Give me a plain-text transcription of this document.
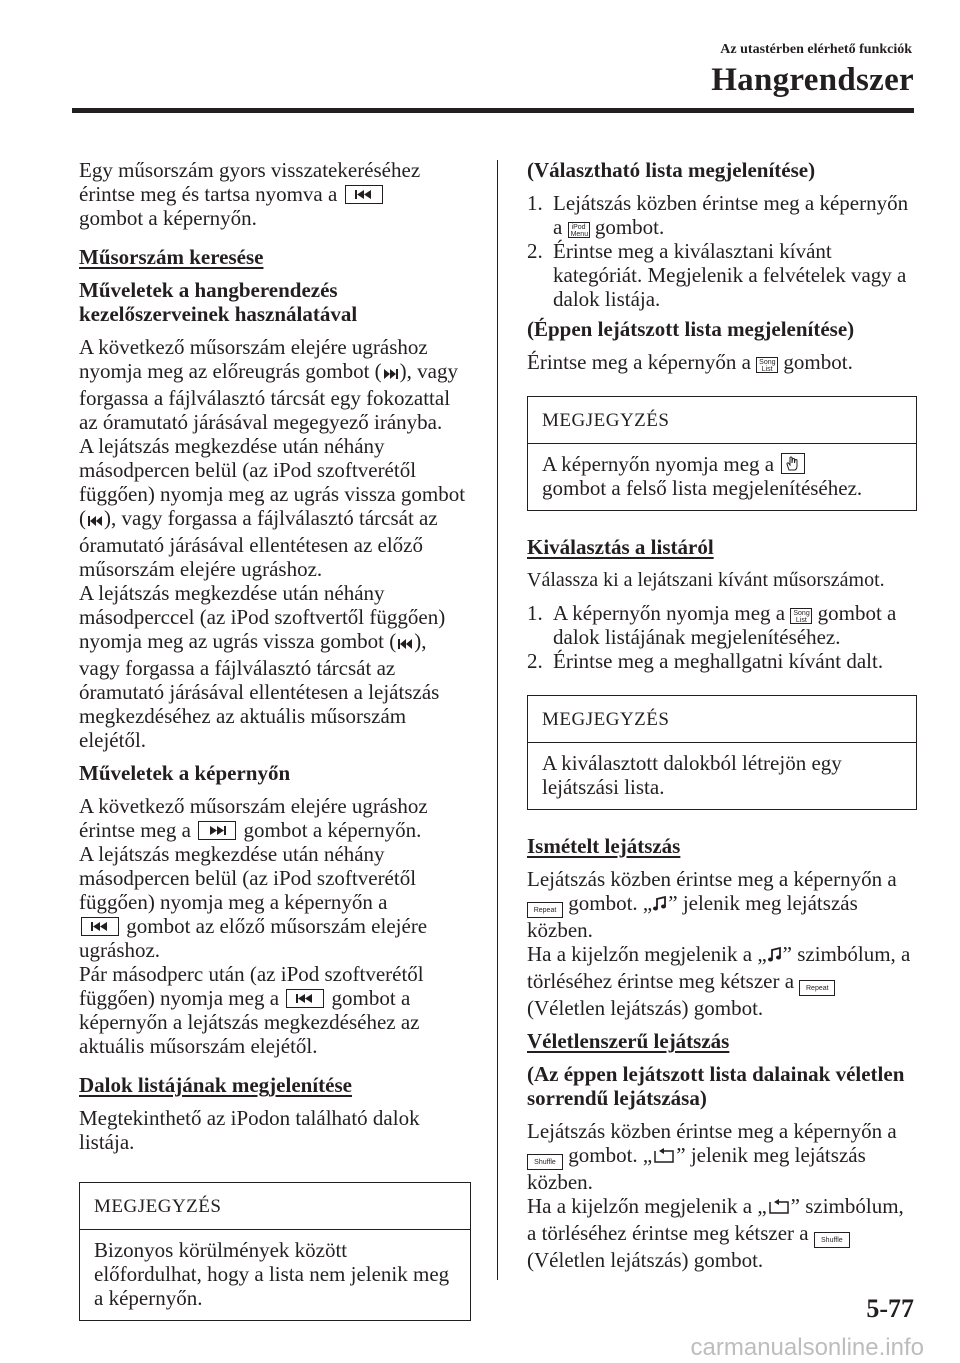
Az utastérben elérhető funkciók
Hangrendszer

Egy műsorszám gyors visszatekeréséhez érintse meg és tartsa nyomva a

gombot a képernyőn.

Műsorszám keresése

Műveletek a hangberendezés kezelőszerveinek használatával

A következő műsorszám elejére ugráshoz nyomja meg az előreugrás gombot ( ), vagy forgassa a fájlválasztó tárcsát egy fokozattal az óramutató járásával megegyező irányba.
A lejátszás megkezdése után néhány másodpercen belül (az iPod szoftverétől függően) nyomja meg az ugrás vissza gombot ( ), vagy forgassa a fájlválasztó tárcsát az óramutató járásával ellentétesen az előző műsorszám elejére ugráshoz.
A lejátszás megkezdése után néhány másodperccel (az iPod szoftvertől függően) nyomja meg az ugrás vissza gombot ( ), vagy forgassa a fájlválasztó tárcsát az óramutató járásával ellentétesen a lejátszás megkezdéséhez az aktuális műsorszám elejétől.

Műveletek a képernyőn

A következő műsorszám elejére ugráshoz érintse meg a	gombot a képernyőn.
A lejátszás megkezdése után néhány másodpercen belül (az iPod szoftverétől függően) nyomja meg a képernyőn a

gombot az előző műsorszám elejére ugráshoz.
Pár másodperc után (az iPod szoftverétől függően) nyomja meg a	gombot a képernyőn a lejátszás megkezdéséhez az aktuális műsorszám elejétől.

Dalok listájának megjelenítése

Megtekinthető az iPodon található dalok listája.

MEGJEGYZÉS
Bizonyos körülmények között előfordulhat, hogy a lista nem jelenik meg a képernyőn.

(Választható lista megjelenítése)

1. Lejátszás közben érintse meg a képernyőn a iPod
Menu gombot.
2. Érintse meg a kiválasztani kívánt kategóriát. Megjelenik a felvételek vagy a dalok listája.

(Éppen lejátszott lista megjelenítése)

Érintse meg a képernyőn a Song
List gombot.

MEGJEGYZÉS
A képernyőn nyomja meg a

gombot a felső lista megjelenítéséhez.

Kiválasztás a listáról

Válassza ki a lejátszani kívánt műsorszámot.

1. A képernyőn nyomja meg a Song
List gombot a dalok listájának megjelenítéséhez.
2. Érintse meg a meghallgatni kívánt dalt.
MEGJEGYZÉS
A kiválasztott dalokból létrejön egy lejátszási lista.

Ismételt lejátszás

Lejátszás közben érintse meg a képernyőn a Repeat gombot. „ ” jelenik meg lejátszás közben.
Ha a kijelzőn megjelenik a „ ” szimbólum, a törléséhez érintse meg kétszer a Repeat (Véletlen lejátszás) gombot.

Véletlenszerű lejátszás

(Az éppen lejátszott lista dalainak véletlen sorrendű lejátszása)

Lejátszás közben érintse meg a képernyőn a Shuffle gombot. „ ” jelenik meg lejátszás közben.
Ha a kijelzőn megjelenik a „ ” szimbólum, a törléséhez érintse meg kétszer a Shuffle (Véletlen lejátszás) gombot.

5-77
carmanualsonline.info
